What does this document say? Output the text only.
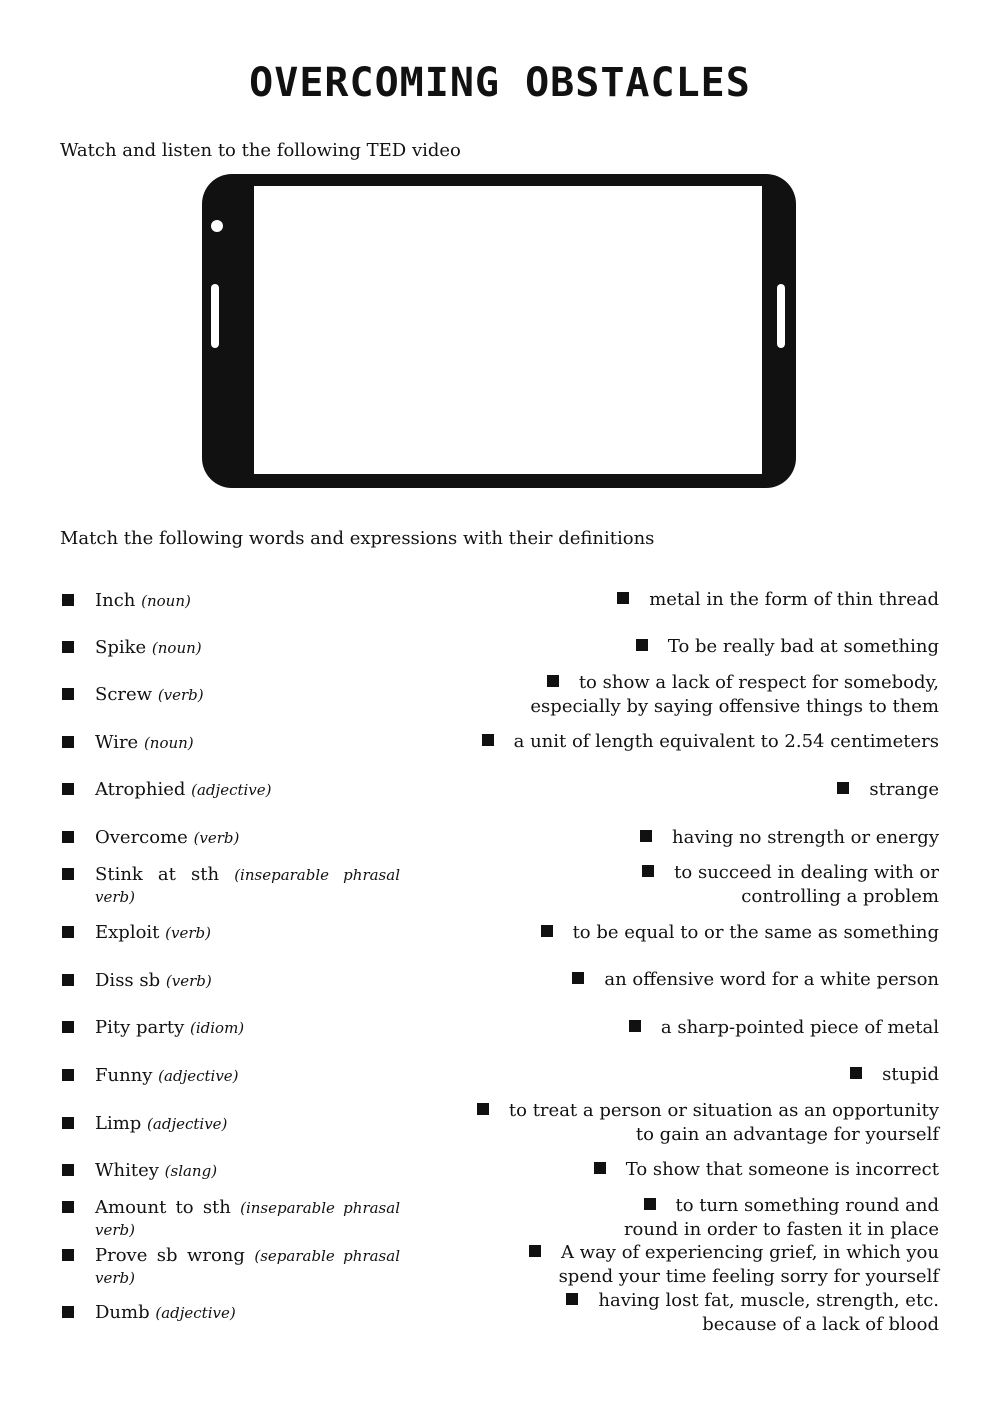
OVERCOMING OBSTACLES
Watch and listen to the following TED video
Match the following words and expressions with their definitions
Inch (noun)
Spike (noun)
Screw (verb)
Wire (noun)
Atrophied (adjective)
Overcome (verb)
Stink at sth (inseparable phrasal verb)
Exploit (verb)
Diss sb (verb)
Pity party (idiom)
Funny (adjective)
Limp (adjective)
Whitey (slang)
Amount to sth (inseparable phrasal verb)
Prove sb wrong (separable phrasal verb)
Dumb (adjective)
metal in the form of thin thread
To be really bad at something
to show a lack of respect for somebody,
especially by saying offensive things to them
a unit of length equivalent to 2.54 centimeters
strange
having no strength or energy
to succeed in dealing with or
controlling a problem
to be equal to or the same as something
an offensive word for a white person
a sharp-pointed piece of metal
stupid
to treat a person or situation as an opportunity
to gain an advantage for yourself
To show that someone is incorrect
to turn something round and
round in order to fasten it in place
A way of experiencing grief, in which you
spend your time feeling sorry for yourself
having lost fat, muscle, strength, etc.
because of a lack of blood
